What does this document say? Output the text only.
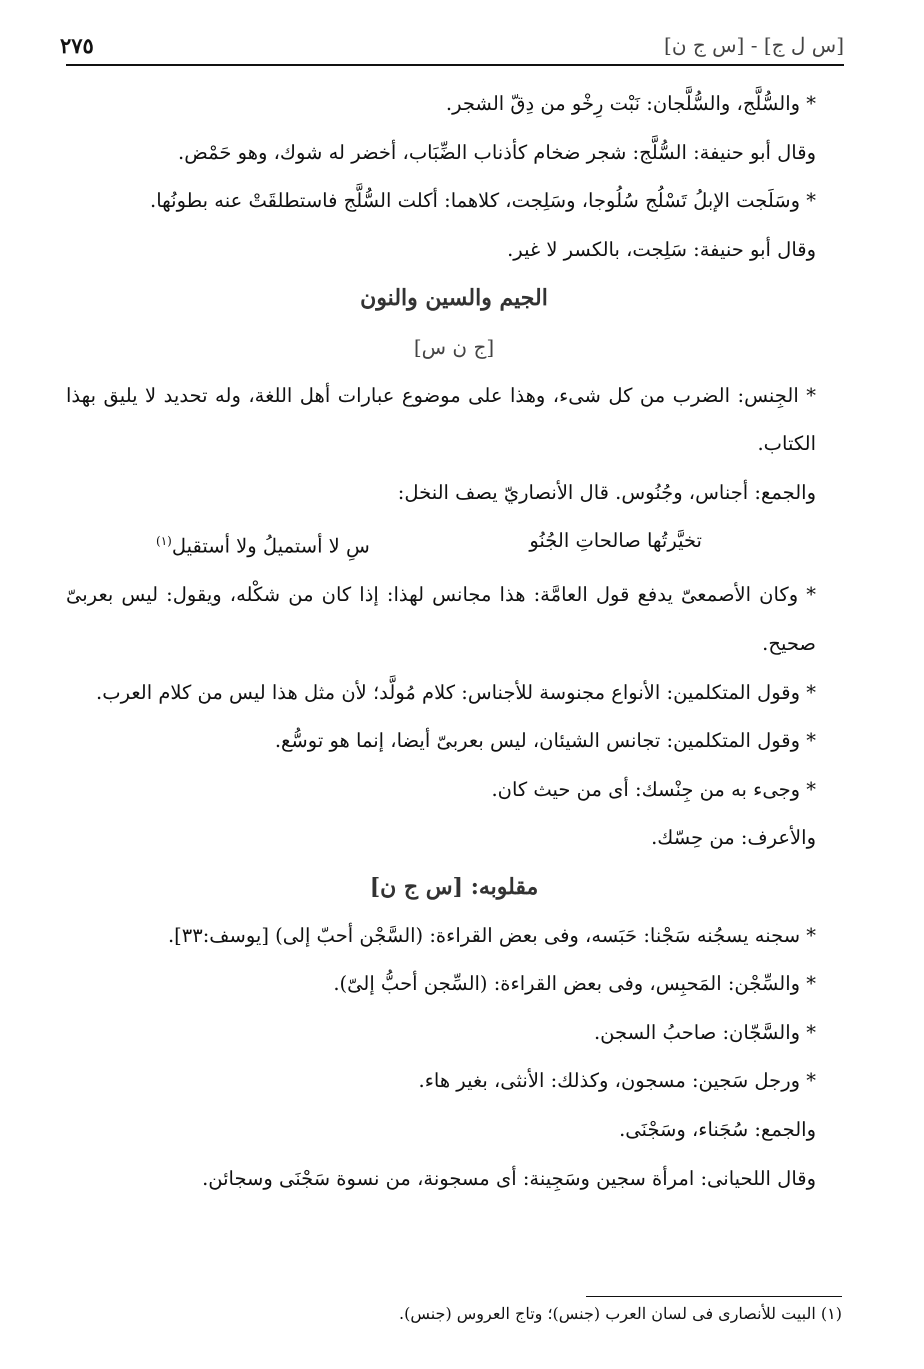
[س ل ج] - [س ج ن]
٢٧٥

* والسُّلَّج، والسُّلَّجان: نَبْت رِخْو من دِقّ الشجر.

وقال أبو حنيفة: السُّلَّج: شجر ضخام كأذناب الضِّبَاب، أخضر له شوك، وهو حَمْض.

* وسَلَجت الإبلُ تَسْلُج سُلُوجا، وسَلِجت، كلاهما: أكلت السُّلَّج فاستطلقَتْ عنه بطونُها.

وقال أبو حنيفة: سَلِجت، بالكسر لا غير.

الجيم والسين والنون

[ج ن س]

* الجِنس: الضرب من كل شىء، وهذا على موضوع عبارات أهل اللغة، وله تحديد لا يليق بهذا الكتاب.

والجمع: أجناس، وجُنُوس. قال الأنصاريّ يصف النخل:

تخيَّرتُها صالحاتِ الجُنُو
سِ لا أستميلُ ولا أستقيل$^{(١)}$

* وكان الأصمعىّ يدفع قول العامَّة: هذا مجانس لهذا: إذا كان من شكْله، ويقول: ليس بعربىّ صحيح.

* وقول المتكلمين: الأنواع مجنوسة للأجناس: كلام مُولَّد؛ لأن مثل هذا ليس من كلام العرب.

* وقول المتكلمين: تجانس الشيئان، ليس بعربىّ أيضا، إنما هو توسُّع.

* وجىء به من جِنْسك: أى من حيث كان.

والأعرف: من حِسّك.

مقلوبه: [س ج ن]

* سجنه يسجُنه سَجْنا: حَبَسه، وفى بعض القراءة: (السَّجْن أحبّ إلى) [يوسف:٣٣].

* والسِّجْن: المَحبِس، وفى بعض القراءة: (السِّجن أحبُّ إلىّ).

* والسَّجّان: صاحبُ السجن.

* ورجل سَجين: مسجون، وكذلك: الأنثى، بغير هاء.

والجمع: سُجَناء، وسَجْنَى.

وقال اللحيانى: امرأة سجين وسَجِينة: أى مسجونة، من نسوة سَجْنَى وسجائن.

(١) البيت للأنصارى فى لسان العرب (جنس)؛ وتاج العروس (جنس).
